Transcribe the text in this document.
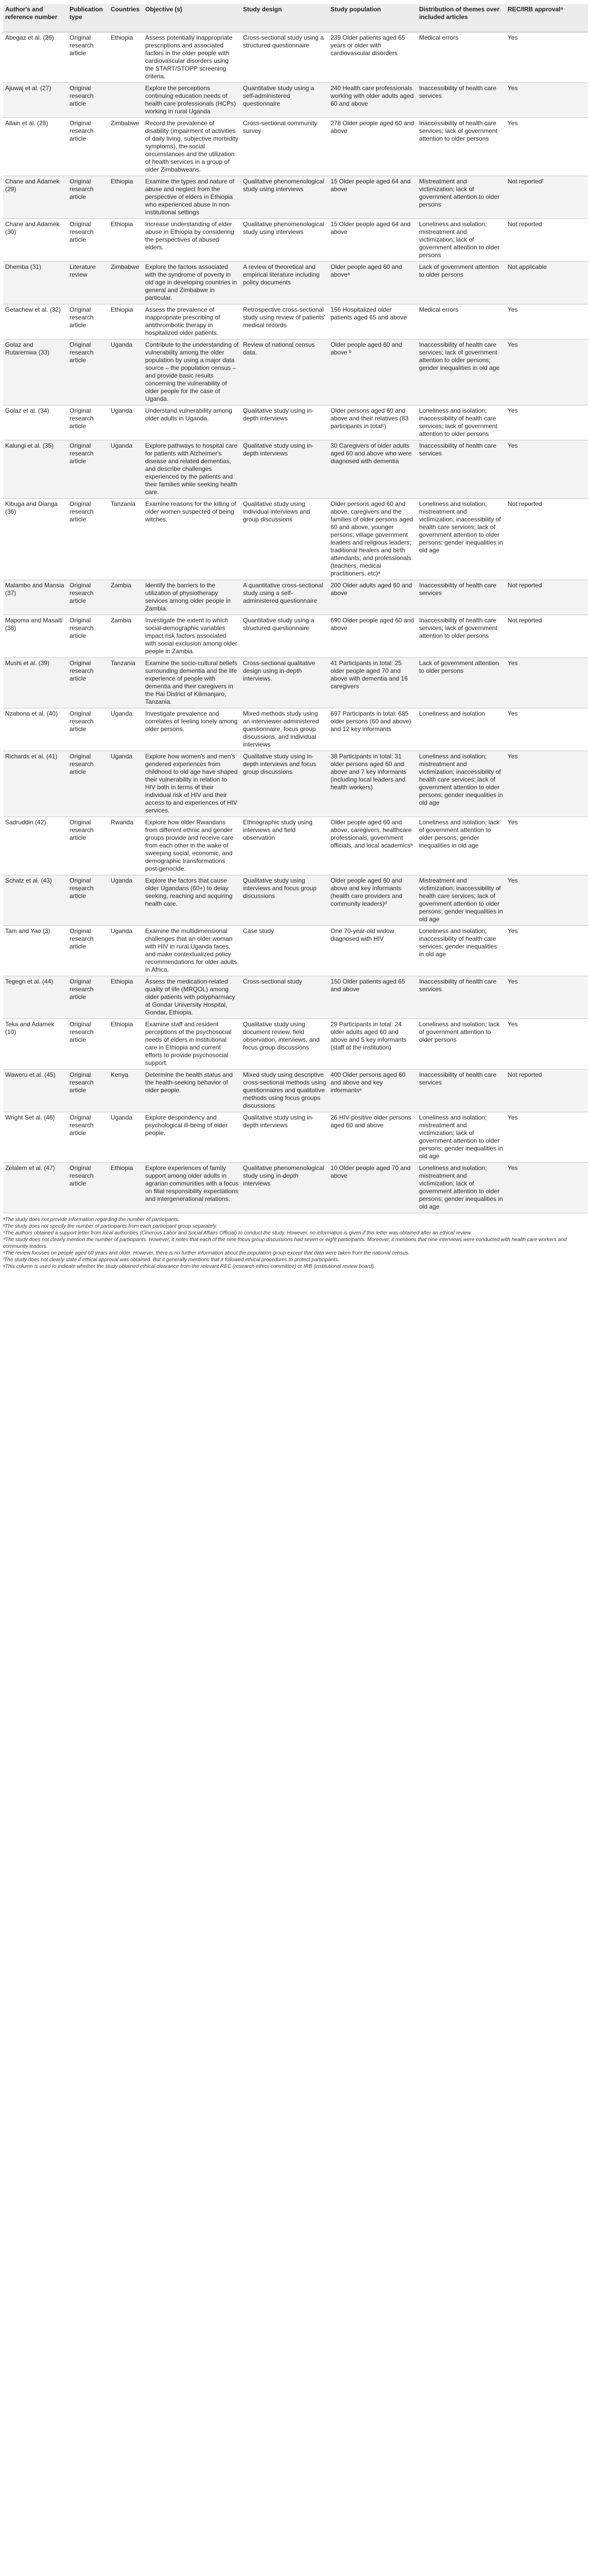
Author's and reference number	Publication type	Countries	Objective (s)	Study design	Study population	Distribution of themes over included articles	REC/IRB approval⁹
Abegaz et al. (26)	Original research article	Ethiopia	Assess potentially inappropriate prescriptions and associated factors in the older people with cardiovascular disorders using the START/STOPP screening criteria.	Cross-sectional study using a structured questionnaire	239 Older patients aged 65 years or older with cardiovascular disorders	Medical errors	Yes
Ajuwaj et al. (27)	Original research article		Explore the perceptions continuing education needs of health care professionals (HCPs) working in rural Uganda	Quantitative study using a self-administered questionnaire	240 Health care professionals working with older adults aged 60 and above	Inaccessibility of health care services	Yes
Allain et al. (28)	Original research article	Zimbabwe	Record the prevalence of disability (impairment of activities of daily living, subjective morbidity symptoms), the social circumstances and the utilization of health services in a group of older Zimbabweans.	Cross-sectional community survey	278 Older people aged 60 and above	Inaccessibility of health care services; lack of government attention to older persons	Yes
Chane and Adamek (29)	Original research article	Ethiopia	Examine the types and nature of abuse and neglect from the perspective of elders in Ethiopia who experienced abuse in non-institutional settings	Qualitative phenomenological study using interviews	15 Older people aged 64 and above	Mistreatment and victimization; lack of government attention to older persons	Not reportedᶠ
Chane and Adamek (30)	Original research article	Ethiopia	Increase understanding of elder abuse in Ethiopia by considering the perspectives of abused elders.	Qualitative phenomenological study using interviews	15 Older people aged 64 and above	Loneliness and isolation; mistreatment and victimization; lack of government attention to older persons	Not reported
Dhemba (31)	Literature review	Zimbabwe	Explore the factors associated with the syndrome of poverty in old age in developing countries in general and Zimbabwe in particular.	A review of theoretical and empirical literature including policy documents	Older people aged 60 and aboveᵃ	Lack of government attention to older persons	Not applicable
Getachew et al. (32)	Original research article	Ethiopia	Assess the prevalence of inappropriate prescribing of antithrombotic therapy in hospitalized older patients.	Retrospective cross-sectional study using review of patients' medical records	156 Hospitalized older patients aged 65 and above	Medical errors	Yes
Golaz and Rutaremwa (33)	Original research article	Uganda	Contribute to the understanding of vulnerability among the older population by using a major data source – the population census – and provide basic results concerning the vulnerability of older people for the case of Uganda.	Review of national census data.	Older people aged 60 and above ᵇ	Inaccessibility of health care services; lack of government attention to older persons; gender inequalities in old age	Yes
Golaz et al. (34)	Original research article	Uganda	Understand vulnerability among older adults in Uganda.	Qualitative study using in-depth interviews	Older persons aged 60 and above and their relatives (83 participants in totalᶜ)	Loneliness and isolation; inaccessibility of health care services; lack of government attention to older persons	Yes
Kalungi et al. (35)	Original research article	Uganda	Explore pathways to hospital care for patients with Alzheimer's disease and related dementias, and describe challenges experienced by the patients and their families while seeking health care.	Qualitative study using in-depth interviews	30 Caregivers of older adults aged 60 and above who were diagnosed with dementia	Inaccessibility of health care services	Yes
Kibuga and Dianga (36)	Original research article	Tanzania	Examine reasons for the killing of older women suspected of being witches.	Qualitative study using individual interviews and group discussions	Older persons aged 60 and above, caregivers and the families of older persons aged 60 and above, younger persons; village government leaders and religious leaders; traditional healers and birth attendants; and professionals (teachers, medical practitioners, etc)ᵃ	Loneliness and isolation; mistreatment and victimization; inaccessibility of health care services; lack of government attention to older persons; gender inequalities in old age	Not reported
Malambo and Mansia (37)	Original research article	Zambia	Identify the barriers to the utilization of physiotherapy services among older people in Zambia.	A quantitative cross-sectional study using a self-administered questionnaire	200 Older adults aged 60 and above	Inaccessibility of health care services	Not reported
Mapoma and Masaiti (38)	Original research article	Zambia	Investigate the extent to which social-demographic variables impact risk factors associated with social exclusion among older people in Zambia.	Quantitative study using a structured questionnaire	690 Older people aged 60 and above	Inaccessibility of health care services; lack of government attention to older persons	Not reported
Mushi et al. (39)	Original research article	Tanzania	Examine the socio-cultural beliefs surrounding dementia and the life experience of people with dementia and their caregivers in the Hai District of Kilimanjaro, Tanzania.	Cross-sectional qualitative design using in-depth interviews.	41 Participants in total: 25 older people aged 70 and above with dementia and 16 caregivers	Lack of government attention to older persons	Yes
Nzabona et al. (40)	Original research article	Uganda	Investigate prevalence and correlates of feeling lonely among older persons.	Mixed methods study using an interviewer-administered questionnaire, focus group discussions, and individual interviews	697 Participants in total: 685 older persons (60 and above) and 12 key informants	Loneliness and isolation	Yes
Richards et al. (41)	Original research article	Uganda	Explore how women's and men's gendered experiences from childhood to old age have shaped their vulnerability in relation to HIV both in terms of their individual risk of HIV and their access to and experiences of HIV services.	Qualitative study using in-depth interviews and focus group discussions	38 Participants in total: 31 older persons aged 60 and above and 7 key informants (including local leaders and health workers)	Loneliness and isolation; mistreatment and victimization; inaccessibility of health care services; lack of government attention to older persons; gender inequalities in old age	Yes
Sadruddin (42)	Original research article	Rwanda	Explore how older Rwandans from different ethnic and gender groups provide and receive care from each other in the wake of sweeping social, economic, and demographic transformations post-genocide.	Ethnographic study using interviews and field observation	Older people aged 60 and above, caregivers, healthcare professionals, government officials, and local academicsᵃ	Loneliness and isolation; lack of government attention to older persons; gender inequalities in old age	Yes
Schatz et al. (43)	Original research article	Uganda	Explore the factors that cause older Ugandans (60+) to delay seeking, reaching and acquiring health care.	Qualitative study using interviews and focus group discussions	Older people aged 60 and above and key informants (health care providers and community leaders)ᵈ	Mistreatment and victimization; inaccessibility of health care services; lack of government attention to older persons; gender inequalities in old age	Yes
Tam and Yao (3)	Original research article	Uganda	Examine the multidimensional challenges that an older woman with HIV in rural Uganda faces, and make contextualized policy recommendations for older adults in Africa.	Case study	One 70-year-old widow diagnosed with HIV	Loneliness and isolation; inaccessibility of health care services; gender inequalities in old age	Yes
Tegegn et al. (44)	Original research article	Ethiopia	Assess the medication-related quality of life (MRQOL) among older patients with polypharmacy at Gondar University Hospital, Gondar, Ethiopia.	Cross-sectional study	150 Older patients aged 65 and above	Inaccessibility of health care services	Yes
Teka and Adamek (10)	Original research article	Ethiopia	Examine staff and resident perceptions of the psychosocial needs of elders in institutional care in Ethiopia and current efforts to provide psychosocial support.	Qualitative study using document review, field observation, interviews, and focus group discussions	29 Participants in total: 24 older adults aged 60 and above and 5 key informants (staff at the institution)	Loneliness and isolation; lack of government attention to older persons	Yes
Waweru et al. (45)	Original research article	Kenya	Determine the health status and the health-seeking behavior of older people.	Mixed study using descriptive cross-sectional methods using questionnaires and qualitative methods using focus groups discussions	400 Older persons aged 60 and above and key informantsᵉ	Inaccessibility of health care services	Not reported
Wright Set al. (46)	Original research article	Uganda	Explore despondency and psychological ill-being of older people.	Qualitative study using in-depth interviews	26 HIV-positive older persons aged 60 and above	Loneliness and isolation; mistreatment and victimization; lack of government attention to older persons; gender inequalities in old age	Yes
Zelalem et al. (47)	Original research article	Ethiopia	Explore experiences of family support among older adults in agrarian communities with a focus on filial responsibility expectations and intergenerational relations.	Qualitative phenomenological study using in-depth interviews	10 Older people aged 70 and above	Loneliness and isolation; mistreatment and victimization; lack of government attention to older persons; gender inequalities in old age	Yes
ᵃThe study does not provide information regarding the number of participants.
ᵇThe study does not specify the number of participants from each participant group separately.
ᶜThe authors obtained a support letter from local authorities (Cinerous Labor and Social Affairs Official) to conduct the study. However, no information is given if this letter was obtained after an ethical review.
ᵈThe study does not clearly mention the number of participants. However, it notes that each of the nine focus group discussions had seven or eight participants. Moreover, it mentions that nine interviews were conducted with health care workers and community leaders.
ᵉThe review focuses on people aged 60 years and older. However, there is no further information about the population group except that data were taken from the national census.
ᶠThe study does not clearly state if ethical approval was obtained. But it generally mentions that it followed ethical procedures to protect participants.
ᵍThis column is used to indicate whether the study obtained ethical clearance from the relevant REC (research ethics committee) or IRB (institutional review board).
